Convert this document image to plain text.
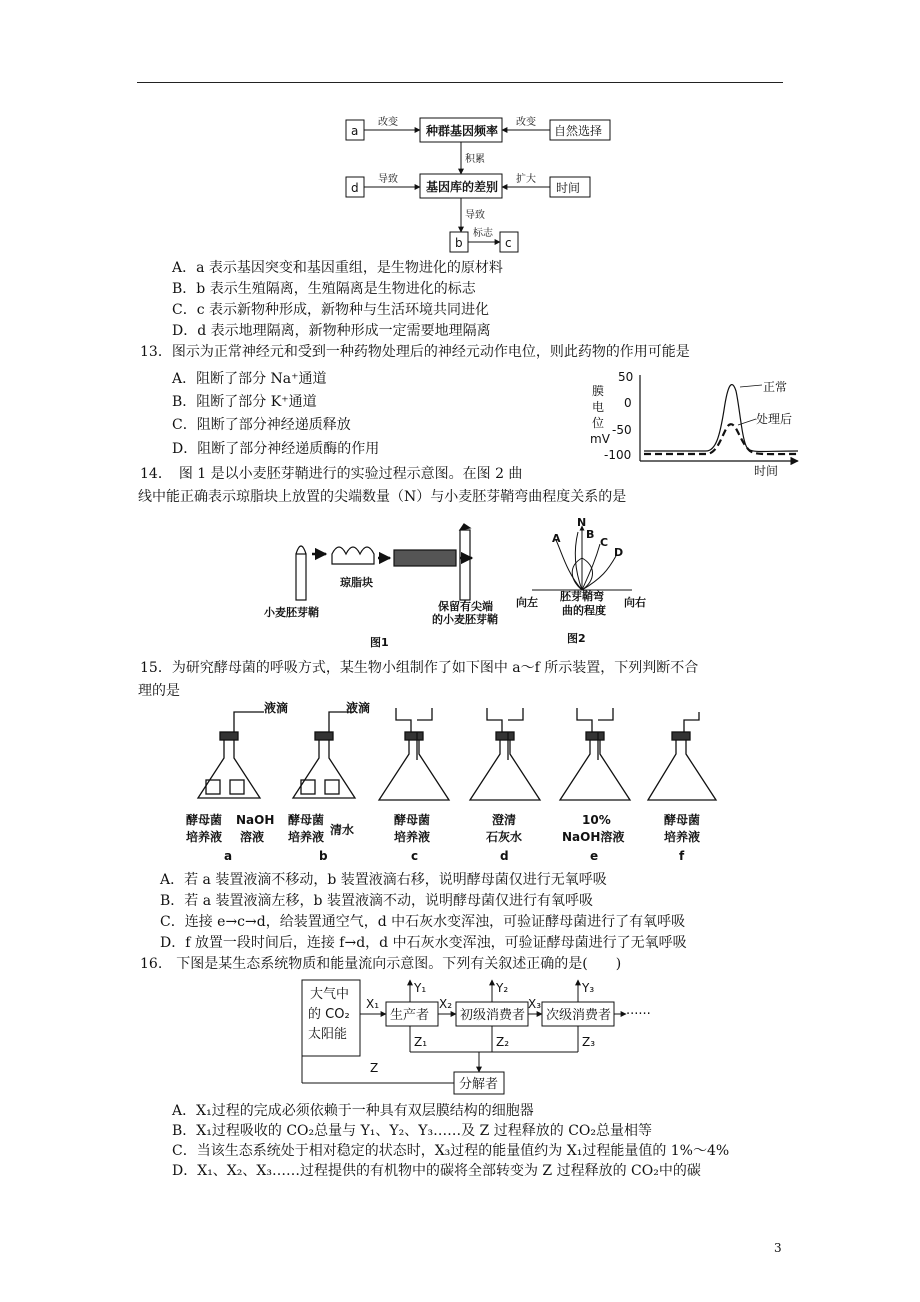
a	种群基因频率	自然选择
d	基因库的差别	时间
b	c
改变	改变
积累
导致	扩大
导致
标志
A．a 表示基因突变和基因重组，是生物进化的原材料
B．b 表示生殖隔离，生殖隔离是生物进化的标志
C．c 表示新物种形成，新物种与生活环境共同进化
D．d 表示地理隔离，新物种形成一定需要地理隔离
13．图示为正常神经元和受到一种药物处理后的神经元动作电位，则此药物的作用可能是
A．阻断了部分 Na⁺通道
B．阻断了部分 K⁺通道
C．阻断了部分神经递质释放
D．阻断了部分神经递质酶的作用
膜
电
位
mV
50
0
-50
-100
正常
处理后
时间
14．　图 1 是以小麦胚芽鞘进行的实验过程示意图。在图 2 曲
线中能正确表示琼脂块上放置的尖端数量（N）与小麦胚芽鞘弯曲程度关系的是
琼脂块
小麦胚芽鞘	保留有尖端
的小麦胚芽鞘
图1
N
A B
C
D
向左 胚芽鞘弯
曲的程度
向右
图2
15．为研究酵母菌的呼吸方式，某生物小组制作了如下图中 a～f 所示装置，下列判断不合
理的是
液滴	液滴
酵母菌
培养液
NaOH
溶液
a
酵母菌
培养液 清水
b
酵母菌
培养液
c
澄清
石灰水
d
10%
NaOH溶液
e
酵母菌
培养液
f
A．若 a 装置液滴不移动，b 装置液滴右移，说明酵母菌仅进行无氧呼吸
B．若 a 装置液滴左移，b 装置液滴不动，说明酵母菌仅进行有氧呼吸
C．连接 e→c→d，给装置通空气，d 中石灰水变浑浊，可验证酵母菌进行了有氧呼吸
D．f 放置一段时间后，连接 f→d，d 中石灰水变浑浊，可验证酵母菌进行了无氧呼吸
16.　下图是某生态系统物质和能量流向示意图。下列有关叙述正确的是(　　)
大气中
的 CO₂
太阳能
生产者 初级消费者 次级消费者
分解者
······
X₁	X₂	X₃
Y₁	Y₂	Y₃
Z₁	Z₂	Z₃
Z
A．X₁过程的完成必须依赖于一种具有双层膜结构的细胞器
B．X₁过程吸收的 CO₂总量与 Y₁、Y₂、Y₃……及 Z 过程释放的 CO₂总量相等
C．当该生态系统处于相对稳定的状态时，X₃过程的能量值约为 X₁过程能量值的 1%～4%
D．X₁、X₂、X₃……过程提供的有机物中的碳将全部转变为 Z 过程释放的 CO₂中的碳
3
